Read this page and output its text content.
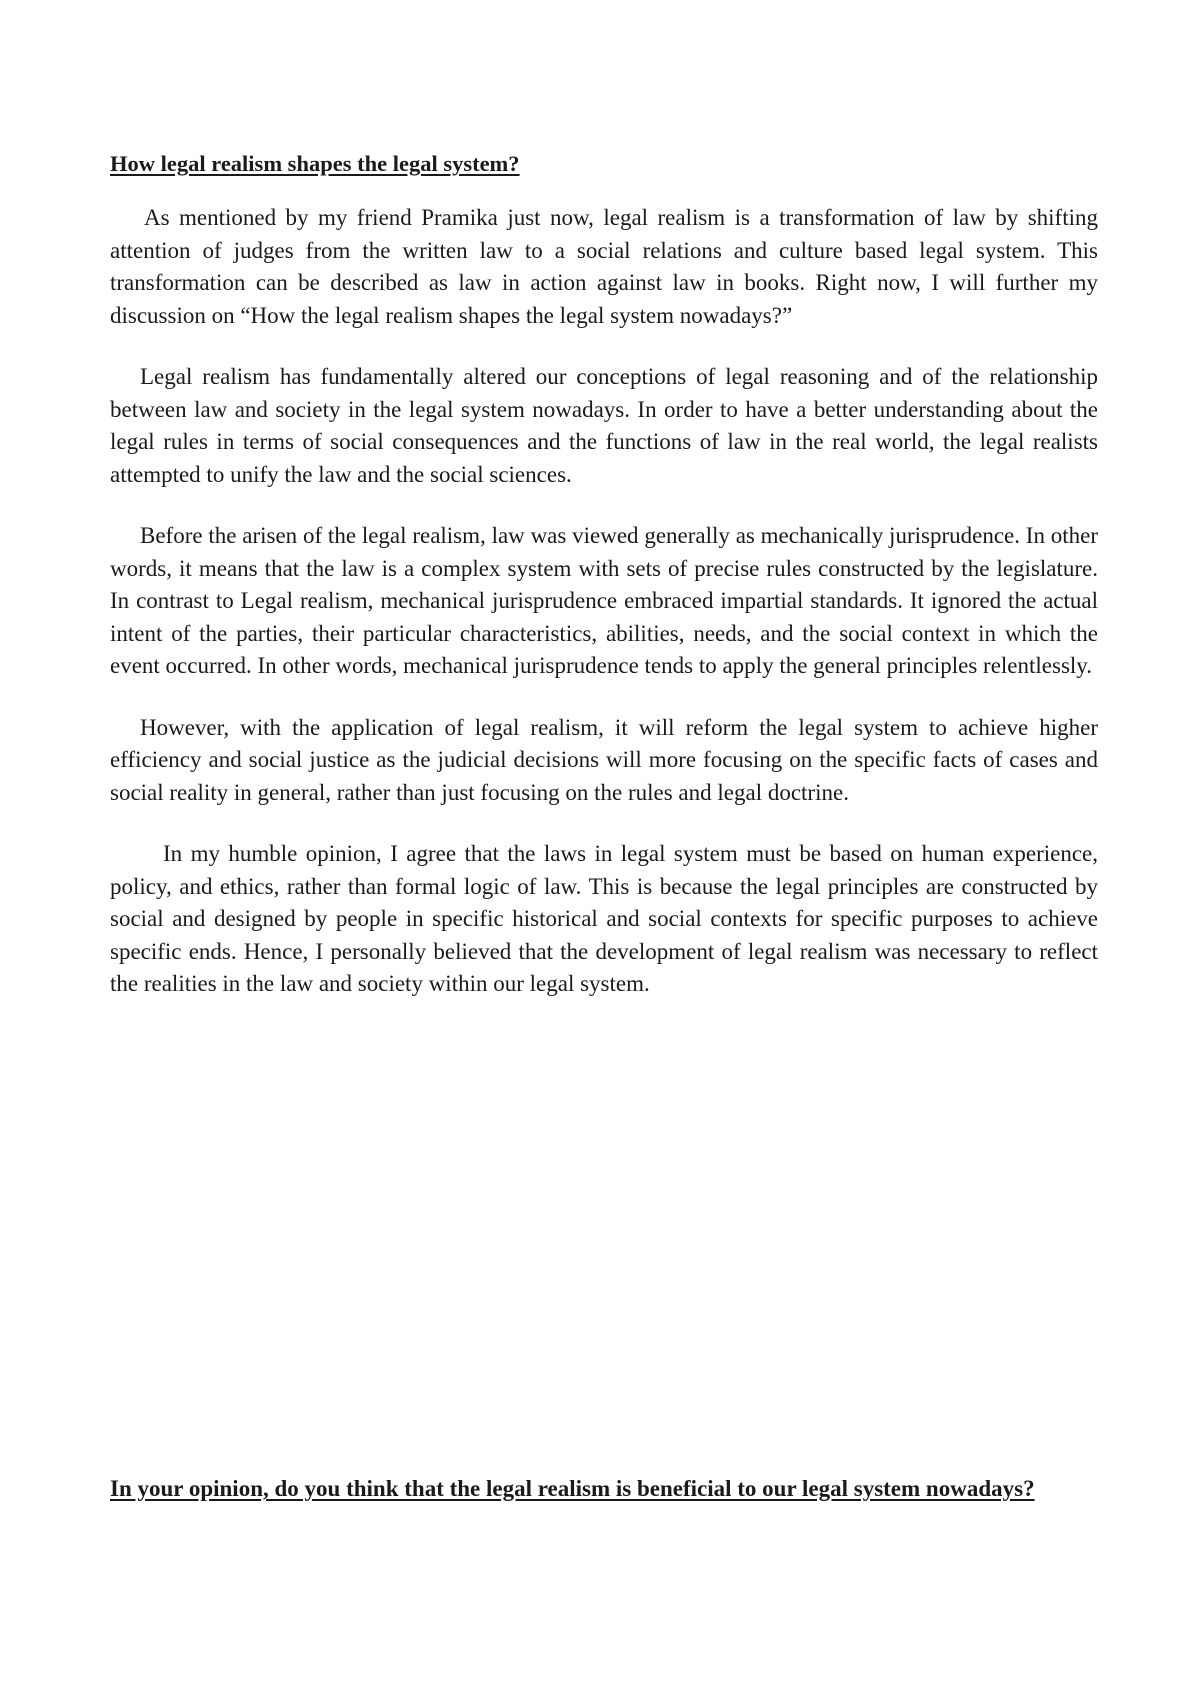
How legal realism shapes the legal system?

As mentioned by my friend Pramika just now, legal realism is a transformation of law by shifting attention of judges from the written law to a social relations and culture based legal system. This transformation can be described as law in action against law in books. Right now, I will further my discussion on “How the legal realism shapes the legal system nowadays?”

Legal realism has fundamentally altered our conceptions of legal reasoning and of the relationship between law and society in the legal system nowadays. In order to have a better understanding about the legal rules in terms of social consequences and the functions of law in the real world, the legal realists attempted to unify the law and the social sciences.

Before the arisen of the legal realism, law was viewed generally as mechanically jurisprudence. In other words, it means that the law is a complex system with sets of precise rules constructed by the legislature. In contrast to Legal realism, mechanical jurisprudence embraced impartial standards. It ignored the actual intent of the parties, their particular characteristics, abilities, needs, and the social context in which the event occurred. In other words, mechanical jurisprudence tends to apply the general principles relentlessly.

However, with the application of legal realism, it will reform the legal system to achieve higher efficiency and social justice as the judicial decisions will more focusing on the specific facts of cases and social reality in general, rather than just focusing on the rules and legal doctrine.

In my humble opinion, I agree that the laws in legal system must be based on human experience, policy, and ethics, rather than formal logic of law. This is because the legal principles are constructed by social and designed by people in specific historical and social contexts for specific purposes to achieve specific ends. Hence, I personally believed that the development of legal realism was necessary to reflect the realities in the law and society within our legal system.

In your opinion, do you think that the legal realism is beneficial to our legal system nowadays?
